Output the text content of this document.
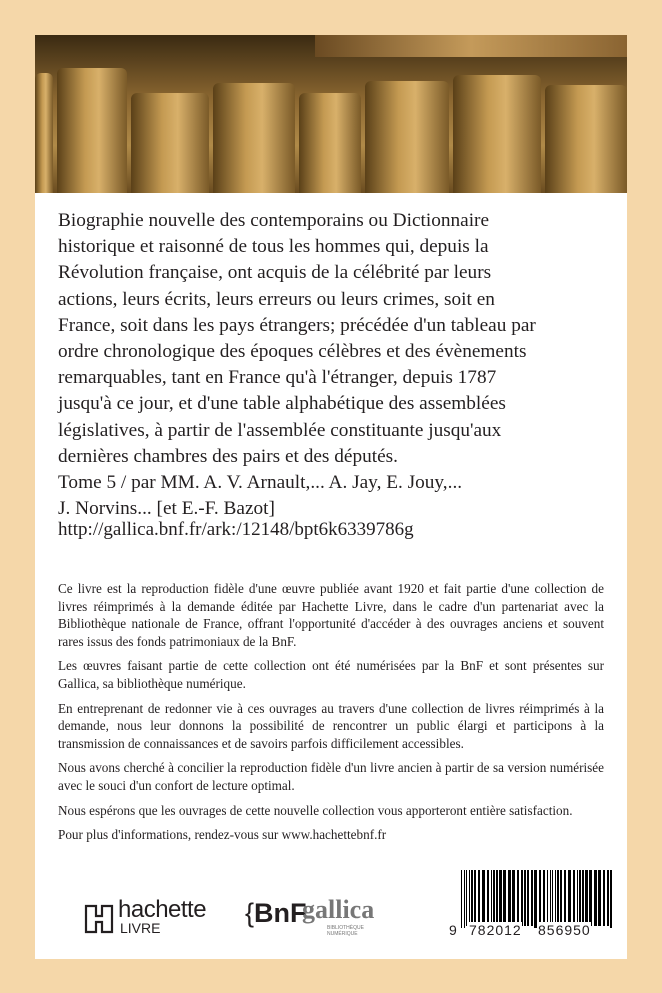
Biographie nouvelle des contemporains ou Dictionnaire
historique et raisonné de tous les hommes qui, depuis la
Révolution française, ont acquis de la célébrité par leurs
actions, leurs écrits, leurs erreurs ou leurs crimes, soit en
France, soit dans les pays étrangers; précédée d'un tableau par
ordre chronologique des époques célèbres et des évènements
remarquables, tant en France qu'à l'étranger, depuis 1787
jusqu'à ce jour, et d'une table alphabétique des assemblées
législatives, à partir de l'assemblée constituante jusqu'aux
dernières chambres des pairs et des députés.
Tome 5 / par MM. A. V. Arnault,... A. Jay, E. Jouy,...
J. Norvins... [et E.-F. Bazot]
http://gallica.bnf.fr/ark:/12148/bpt6k6339786g

Ce livre est la reproduction fidèle d'une œuvre publiée avant 1920 et fait partie d'une collection de livres réimprimés à la demande éditée par Hachette Livre, dans le cadre d'un partenariat avec la Bibliothèque nationale de France, offrant l'opportunité d'accéder à des ouvrages anciens et souvent rares issus des fonds patrimoniaux de la BnF.

Les œuvres faisant partie de cette collection ont été numérisées par la BnF et sont présentes sur Gallica, sa bibliothèque numérique.

En entreprenant de redonner vie à ces ouvrages au travers d'une collection de livres réimprimés à la demande, nous leur donnons la possibilité de rencontrer un public élargi et participons à la transmission de connaissances et de savoirs parfois difficilement accessibles.

Nous avons cherché à concilier la reproduction fidèle d'un livre ancien à partir de sa version numérisée avec le souci d'un confort de lecture optimal.

Nous espérons que les ouvrages de cette nouvelle collection vous apporteront entière satisfaction.

Pour plus d'informations, rendez-vous sur www.hachettebnf.fr

hachette
LIVRE	{BnF
gallica
BIBLIOTHÈQUE
NUMÉRIQUE	9 782012 856950
